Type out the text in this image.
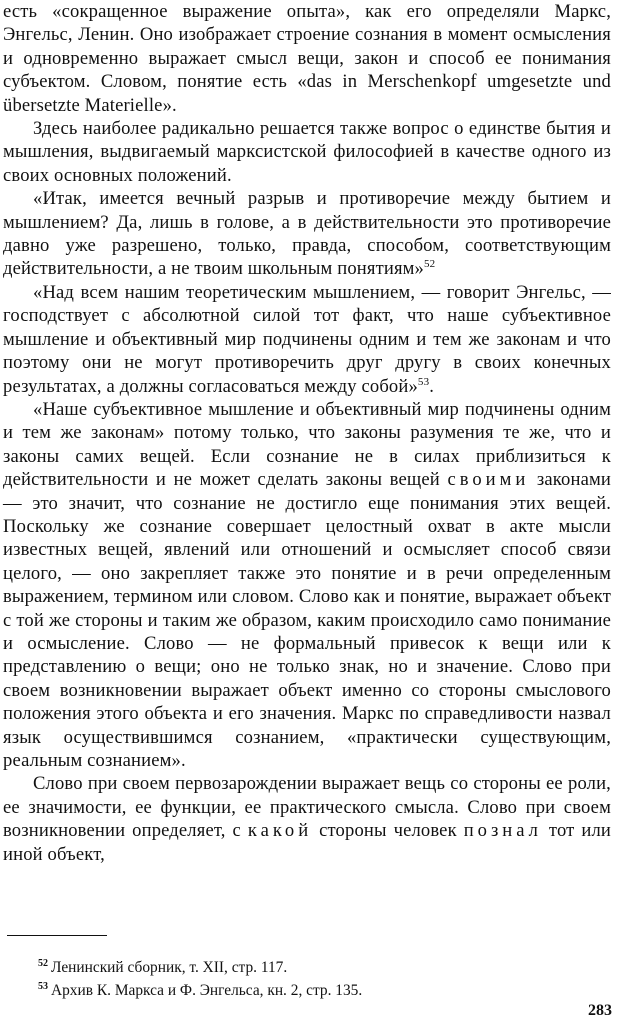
есть «сокращенное выражение опыта», как его определяли Маркс, Энгельс, Ленин. Оно изображает строение сознания в момент осмысления и одновременно выражает смысл вещи, закон и способ ее понимания субъектом. Словом, понятие есть «das in Merschenkopf umgesetzte und übersetzte Materielle».

Здесь наиболее радикально решается также вопрос о единстве бытия и мышления, выдвигаемый марксистской философией в качестве одного из своих основных положений.

«Итак, имеется вечный разрыв и противоречие между бытием и мышлением? Да, лишь в голове, а в действительности это противоречие давно уже разрешено, только, правда, способом, соответствующим действительности, а не твоим школьным понятиям»$^{52}$

«Над всем нашим теоретическим мышлением, — говорит Энгельс, — господствует с абсолютной силой тот факт, что наше субъективное мышление и объективный мир подчинены одним и тем же законам и что поэтому они не могут противоречить друг другу в своих конечных результатах, а должны согласоваться между собой»$^{53}$.

«Наше субъективное мышление и объективный мир подчинены одним и тем же законам» потому только, что законы разумения те же, что и законы самих вещей. Если сознание не в силах приблизиться к действительности и не может сделать законы вещей своими законами — это значит, что сознание не достигло еще понимания этих вещей. Поскольку же сознание совершает целостный охват в акте мысли известных вещей, явлений или отношений и осмысляет способ связи целого, — оно закрепляет также это понятие и в речи определенным выражением, термином или словом. Слово как и понятие, выражает объект с той же стороны и таким же образом, каким происходило само понимание и осмысление. Слово — не формальный привесок к вещи или к представлению о вещи; оно не только знак, но и значение. Слово при своем возникновении выражает объект именно со стороны смыслового положения этого объекта и его значения. Маркс по справедливости назвал язык осуществившимся сознанием, «практически существующим, реальным сознанием».

Слово при своем первозарождении выражает вещь со стороны ее роли, ее значимости, ее функции, ее практического смысла. Слово при своем возникновении определяет, с какой стороны человек познал тот или иной объект,

$^{52}$ Ленинский сборник, т. XII, стр. 117.
$^{53}$ Архив К. Маркса и Ф. Энгельса, кн. 2, стр. 135.
283
